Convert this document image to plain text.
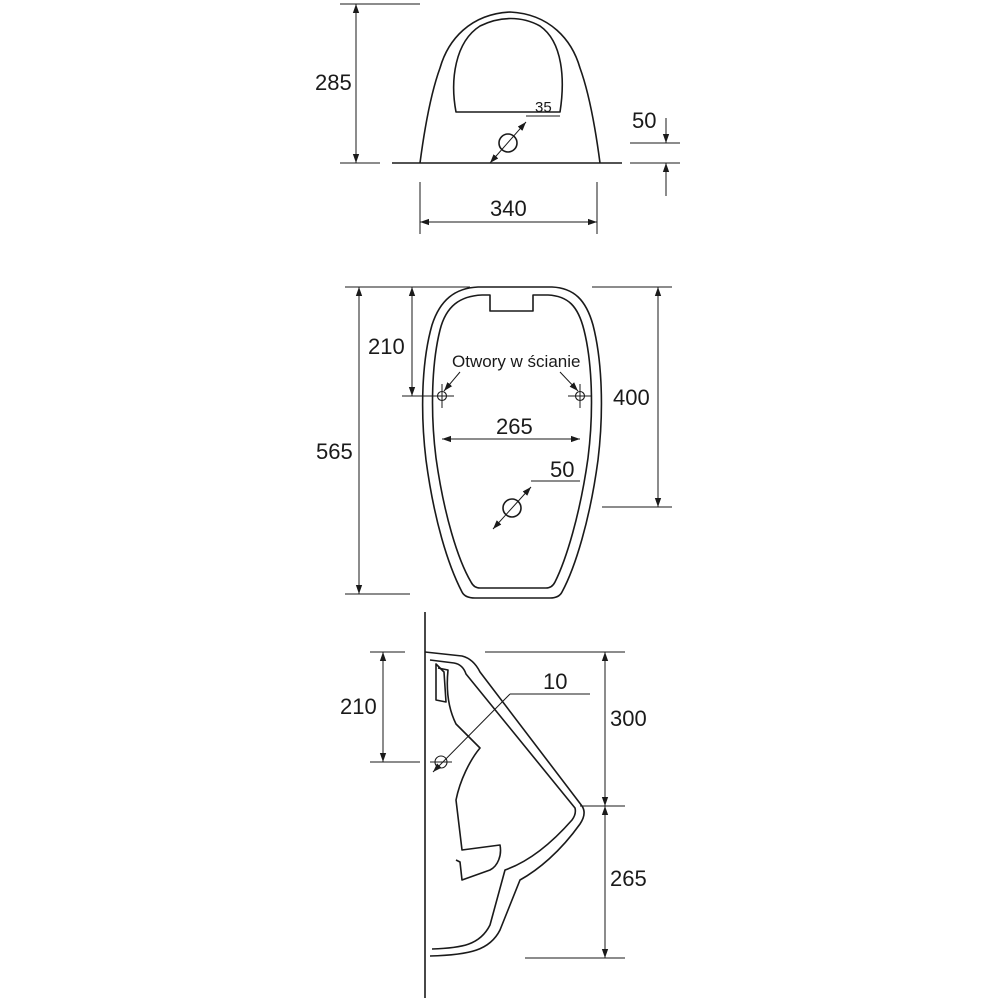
35
285
50
340
Otwory w ścianie
265
50
565
210
400
10
210	300
265
